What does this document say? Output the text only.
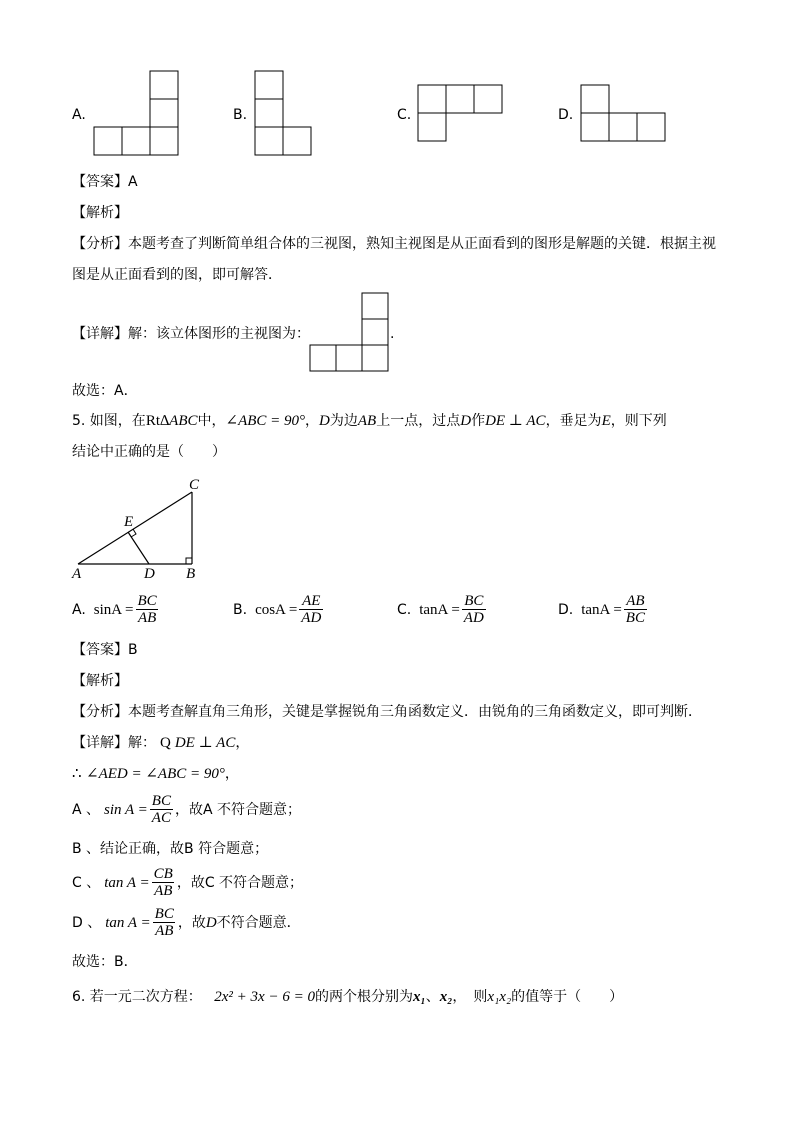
A.	B.	C.	D.
【答案】A
【解析】
【分析】本题考查了判断简单组合体的三视图，熟知主视图是从正面看到的图形是解题的关键．根据主视
图是从正面看到的图，即可解答．
【详解】解：该立体图形的主视图为：	.
故选：A．
5. 如图，在Rt∆ABC中，∠ABC = 90°，D为边AB上一点，过点D作DE ⊥ AC，垂足为E，则下列
结论中正确的是（　　）
A	D B
C
E
A. $\sin A = \frac{BC}{AB}$	B. $\cos A = \frac{AE}{AD}$	C. $\tan A = \frac{BC}{AD}$	D. $\tan A = \frac{AB}{BC}$
【答案】B
【解析】
【分析】本题考查解直角三角形，关键是掌握锐角三角函数定义．由锐角的三角函数定义，即可判断．
【详解】解： Q DE ⊥ AC，
∴ ∠AED = ∠ABC = 90°，
A 、 $\sin A = \frac{BC}{AC}$ ，故A 不符合题意；
B 、结论正确，故B 符合题意；
C 、 $\tan A = \frac{CB}{AB}$ ，故C 不符合题意；
D 、 $\tan A = \frac{BC}{AB}$ ，故 D 不符合题意．
故选：B．
6. 若一元二次方程： 2x² + 3x − 6 = 0的两个根分别为x₁、x₂，　则x₁x₂的值等于（　　）
